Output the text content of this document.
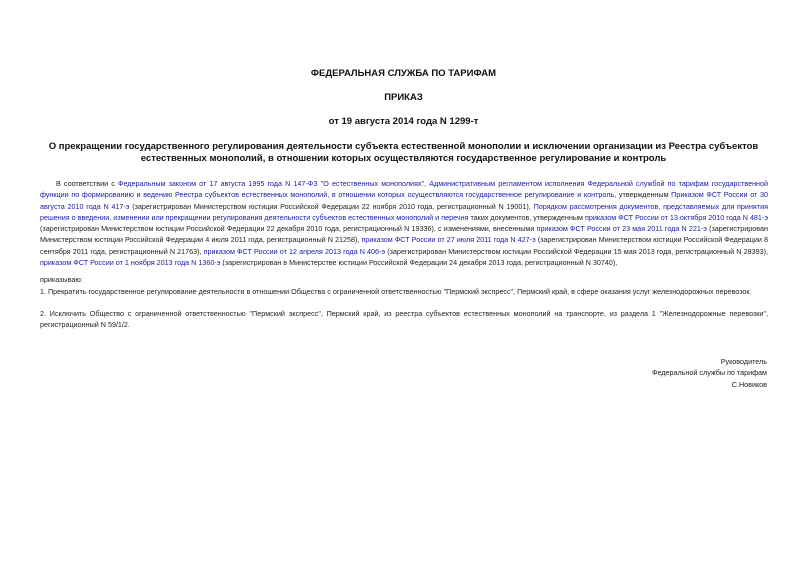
ФЕДЕРАЛЬНАЯ СЛУЖБА ПО ТАРИФАМ
ПРИКАЗ
от 19 августа 2014 года N 1299-т
О прекращении государственного регулирования деятельности субъекта естественной монополии и исключении организации из Реестра субъектов естественных монополий, в отношении которых осуществляются государственное регулирование и контроль
В соответствии с Федеральным законом от 17 августа 1995 года N 147-ФЗ "О естественных монополиях", Административным регламентом исполнения Федеральной службой по тарифам государственной функции по формированию и ведению Реестра субъектов естественных монополий, в отношении которых осуществляются государственное регулирование и контроль, утвержденным Приказом ФСТ России от 30 августа 2010 года N 417-э (зарегистрирован Министерством юстиции Российской Федерации 22 ноября 2010 года, регистрационный N 19001), Порядком рассмотрения документов, представляемых для принятия решения о введении, изменении или прекращении регулирования деятельности субъектов естественных монополий и перечня таких документов, утвержденным приказом ФСТ России от 13 октября 2010 года N 481-э (зарегистрирован Министерством юстиции Российской Федерации 22 декабря 2010 года, регистрационный N 19336), с изменениями, внесенными приказом ФСТ России от 23 мая 2011 года N 221-э (зарегистрирован Министерством юстиции Российской Федерации 4 июля 2011 года, регистрационный N 21258), приказом ФСТ России от 27 июля 2011 года N 427-э (зарегистрирован Министерством юстиции Российской Федерации 8 сентября 2011 года, регистрационный N 21763), приказом ФСТ России от 12 апреля 2013 года N 406-э (зарегистрирован Министерством юстиции Российской Федерации 15 мая 2013 года, регистрационный N 28393), приказом ФСТ России от 1 ноября 2013 года N 1360-э (зарегистрирован в Министерстве юстиции Российской Федерации 24 декабря 2013 года, регистрационный N 30740),
приказываю:
1. Прекратить государственное регулирование деятельности в отношении Общества с ограниченной ответственностью "Пермский экспресс", Пермский край, в сфере оказания услуг железнодорожных перевозок.
2. Исключить Общество с ограниченной ответственностью "Пермский экспресс", Пермский край, из реестра субъектов естественных монополий на транспорте, из раздела 1 "Железнодорожные перевозки", регистрационный N 59/1/2.
Руководитель
Федеральной службы по тарифам
С.Новиков
